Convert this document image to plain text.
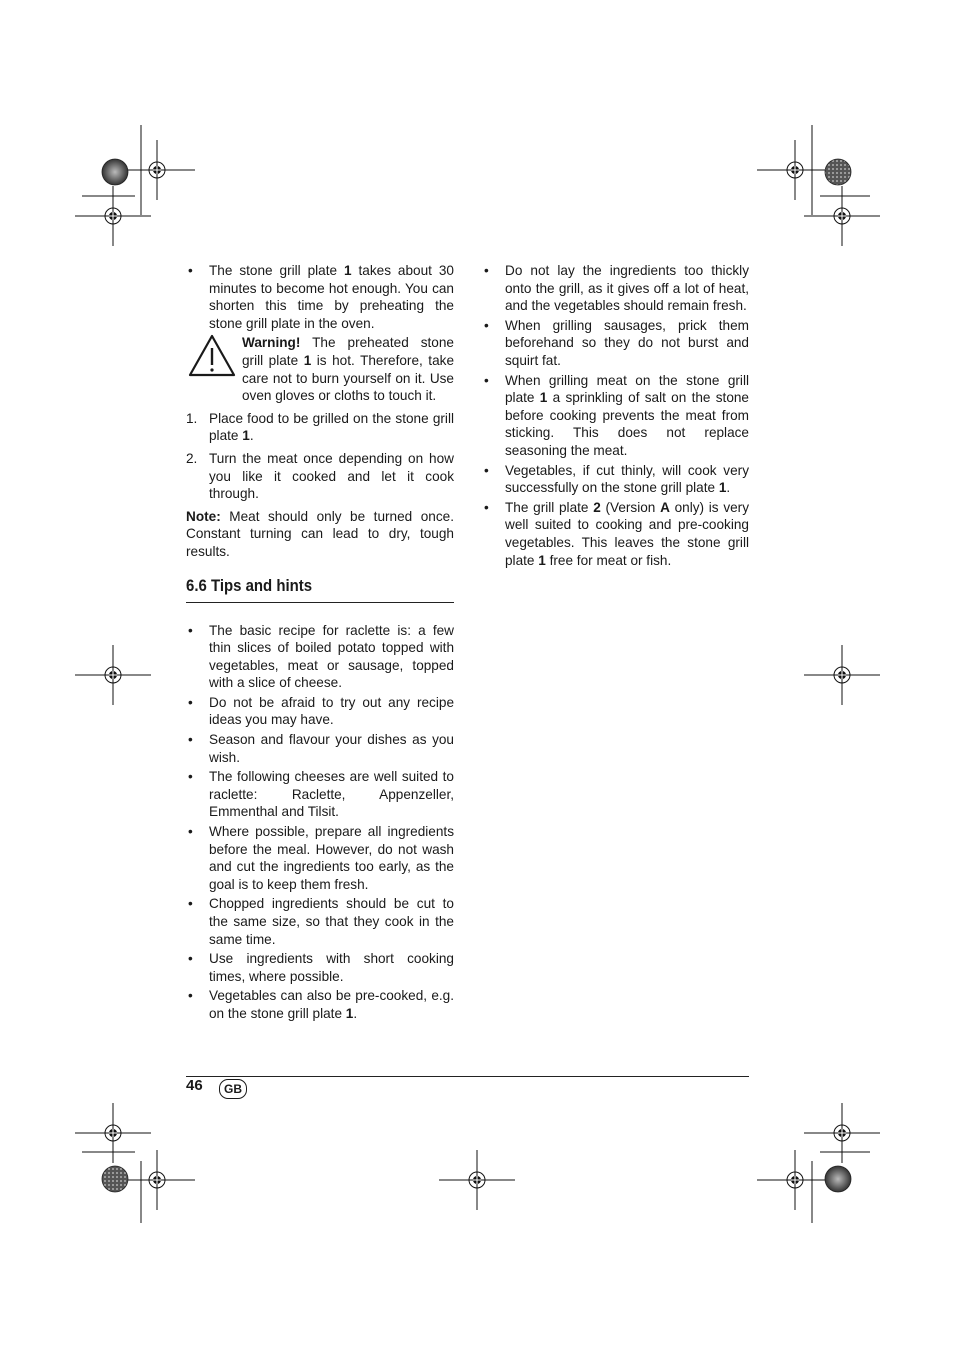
• The stone grill plate 1 takes about 30 minutes to become hot enough. You can shorten this time by preheating the stone grill plate in the oven.
Warning! The preheated stone grill plate 1 is hot. Therefore, take care not to burn yourself on it. Use oven gloves or cloths to touch it.
1. Place food to be grilled on the stone grill plate 1.
2. Turn the meat once depending on how you like it cooked and let it cook through.
Note: Meat should only be turned once. Constant turning can lead to dry, tough results.
6.6 Tips and hints
• The basic recipe for raclette is: a few thin slices of boiled potato topped with vegetables, meat or sausage, topped with a slice of cheese.
• Do not be afraid to try out any recipe ideas you may have.
• Season and flavour your dishes as you wish.
• The following cheeses are well suited to raclette: Raclette, Appenzeller, Emmenthal and Tilsit.
• Where possible, prepare all ingredients before the meal. However, do not wash and cut the ingredients too early, as the goal is to keep them fresh.
• Chopped ingredients should be cut to the same size, so that they cook in the same time.
• Use ingredients with short cooking times, where possible.
• Vegetables can also be pre-cooked, e.g. on the stone grill plate 1.
• Do not lay the ingredients too thickly onto the grill, as it gives off a lot of heat, and the vegetables should remain fresh.
• When grilling sausages, prick them beforehand so they do not burst and squirt fat.
• When grilling meat on the stone grill plate 1 a sprinkling of salt on the stone before cooking prevents the meat from sticking. This does not replace seasoning the meat.
• Vegetables, if cut thinly, will cook very successfully on the stone grill plate 1.
• The grill plate 2 (Version A only) is very well suited to cooking and pre-cooking vegetables. This leaves the stone grill plate 1 free for meat or fish.
46	GB
